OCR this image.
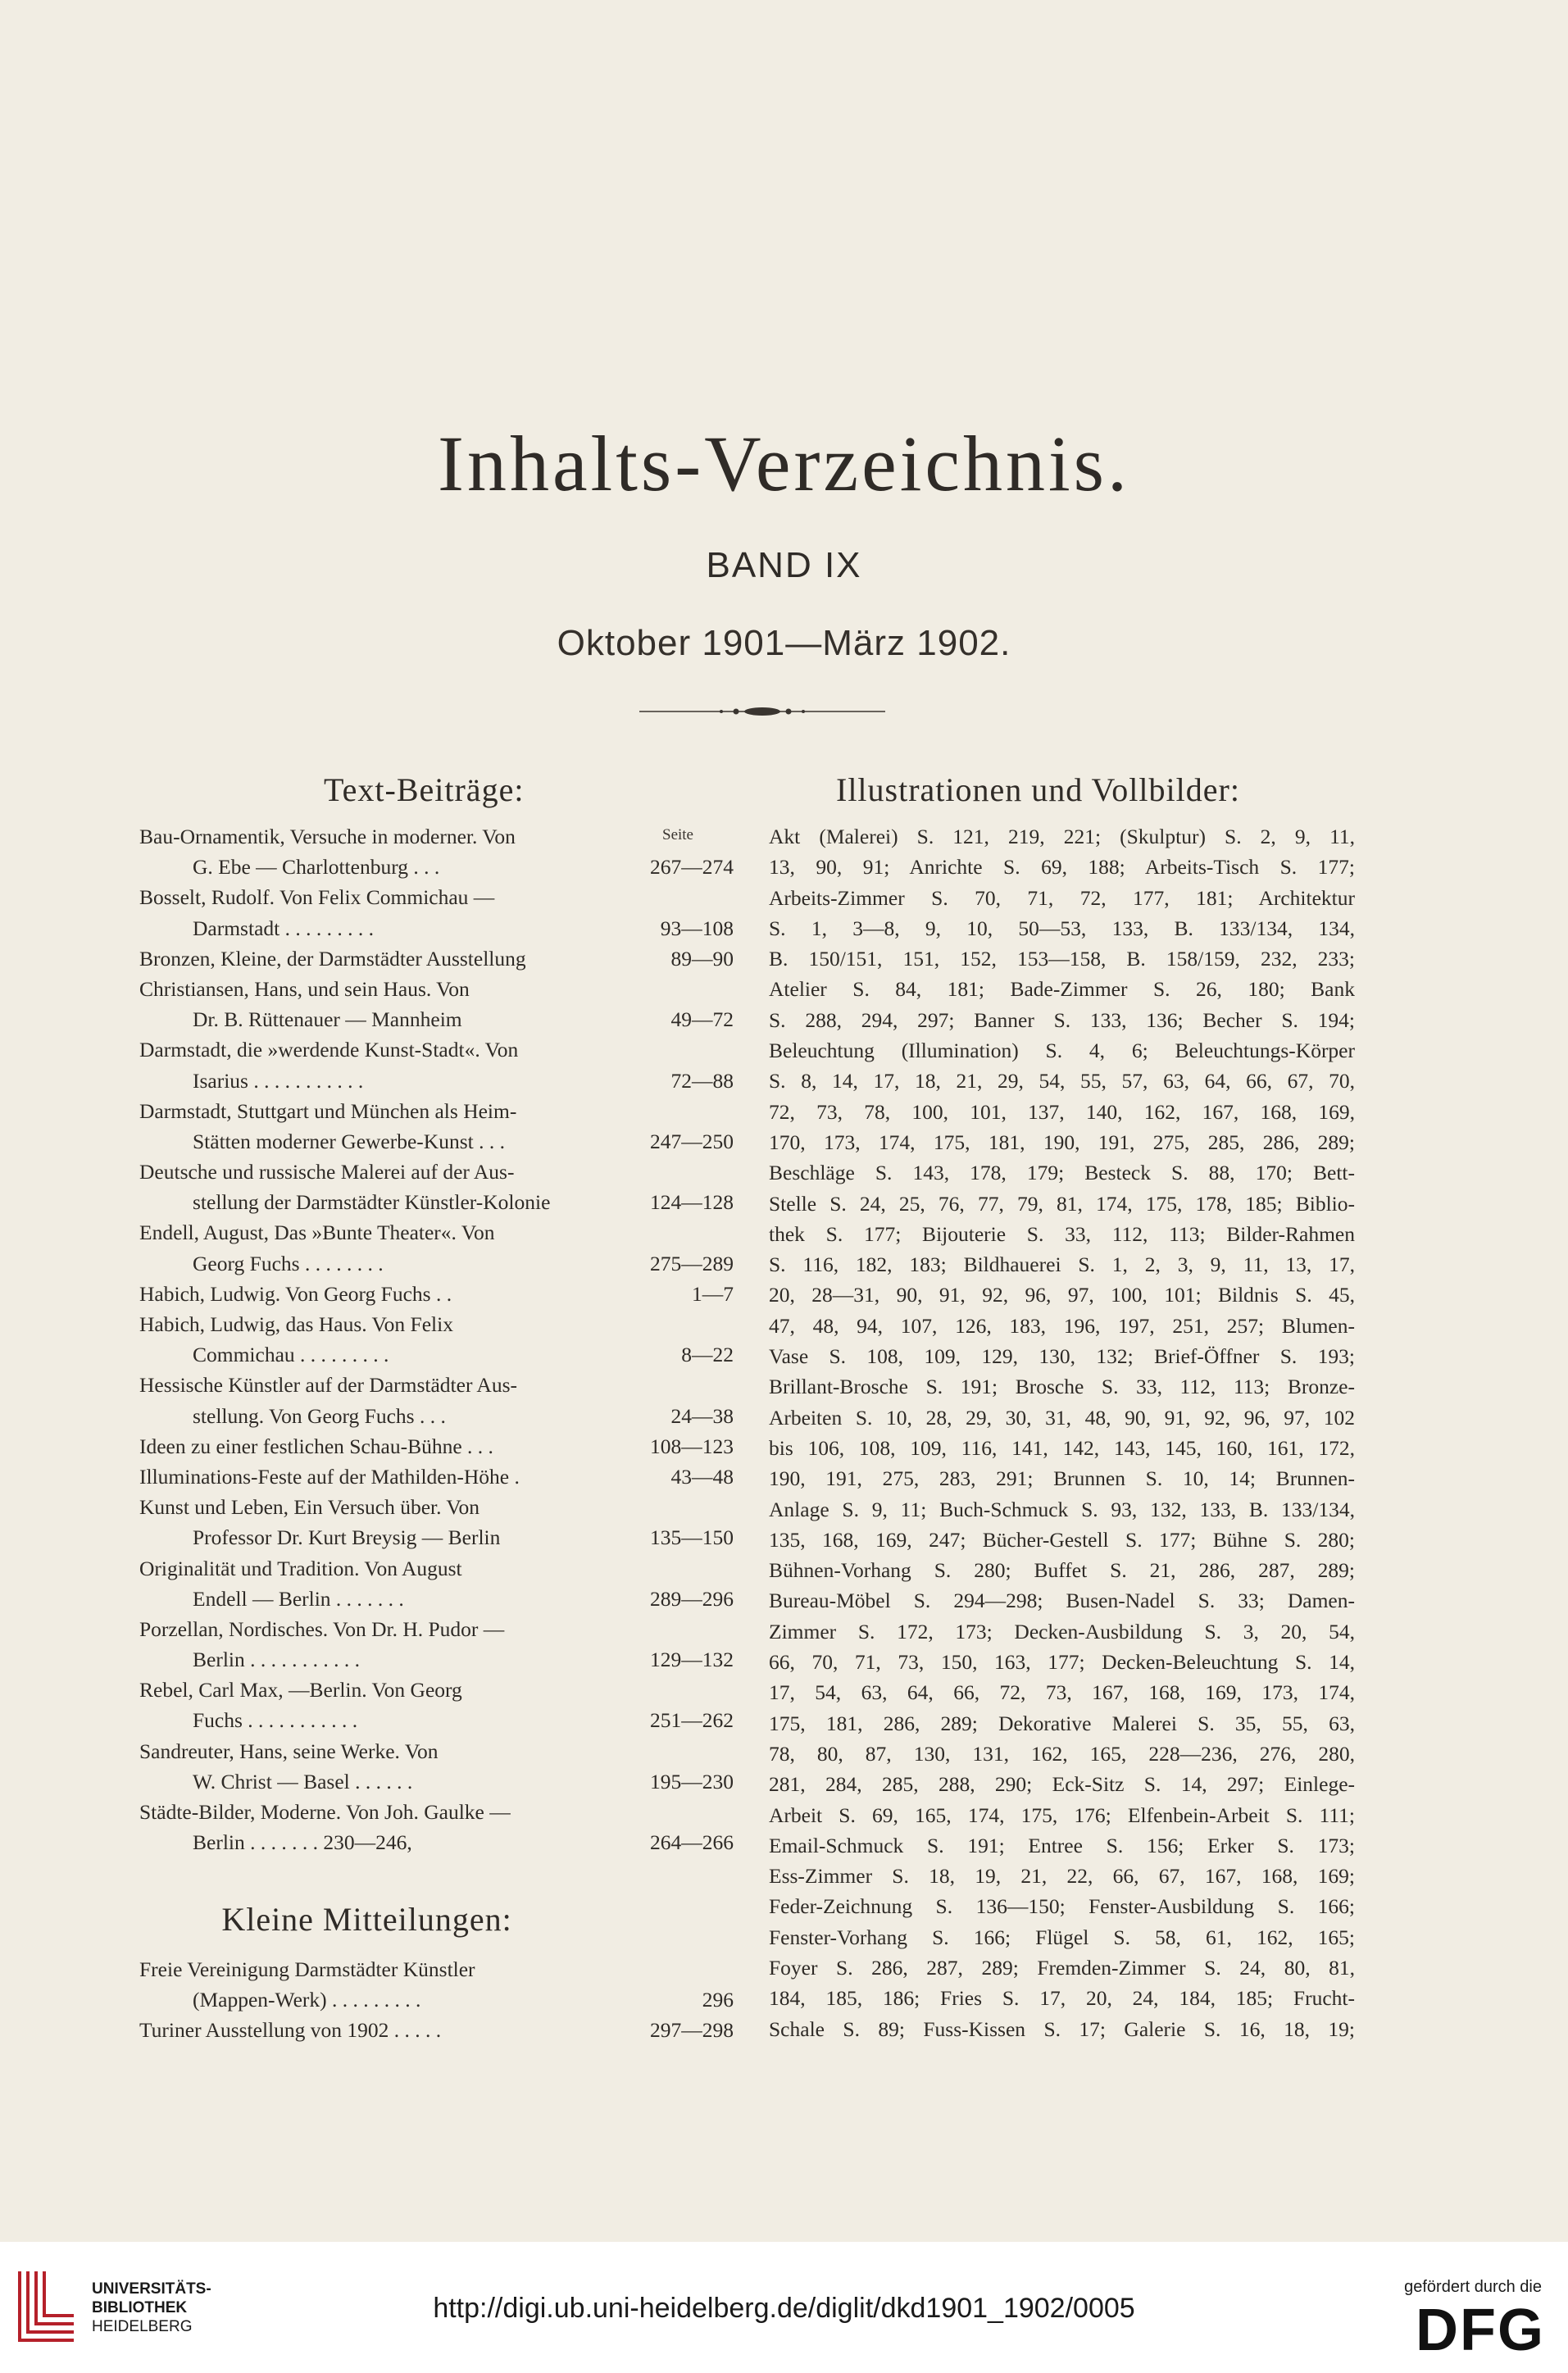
Inhalts-Verzeichnis.
BAND IX
Oktober 1901—März 1902.
Text-Beiträge:	Illustrationen und Vollbilder:
Seite
Bau-Ornamentik, Versuche in moderner. Von
G. Ebe — Charlottenburg . . .	267—274
Bosselt, Rudolf. Von Felix Commichau —
Darmstadt . . . . . . . . .	93—108
Bronzen, Kleine, der Darmstädter Ausstellung	89—90
Christiansen, Hans, und sein Haus. Von
Dr. B. Rüttenauer — Mannheim	49—72
Darmstadt, die »werdende Kunst-Stadt«. Von
Isarius . . . . . . . . . . .	72—88
Darmstadt, Stuttgart und München als Heim-
Stätten moderner Gewerbe-Kunst . . .	247—250
Deutsche und russische Malerei auf der Aus-
stellung der Darmstädter Künstler-Kolonie	124—128
Endell, August, Das »Bunte Theater«. Von
Georg Fuchs . . . . . . . .	275—289
Habich, Ludwig. Von Georg Fuchs . .	1—7
Habich, Ludwig, das Haus. Von Felix
Commichau . . . . . . . . .	8—22
Hessische Künstler auf der Darmstädter Aus-
stellung. Von Georg Fuchs . . .	24—38
Ideen zu einer festlichen Schau-Bühne . . .	108—123
Illuminations-Feste auf der Mathilden-Höhe .	43—48
Kunst und Leben, Ein Versuch über. Von
Professor Dr. Kurt Breysig — Berlin	135—150
Originalität und Tradition. Von August
Endell — Berlin . . . . . . .	289—296
Porzellan, Nordisches. Von Dr. H. Pudor —
Berlin . . . . . . . . . . .	129—132
Rebel, Carl Max, —Berlin. Von Georg
Fuchs . . . . . . . . . . .	251—262
Sandreuter, Hans, seine Werke. Von
W. Christ — Basel . . . . . .	195—230
Städte-Bilder, Moderne. Von Joh. Gaulke —
Berlin . . . . . . . 230—246,	264—266
Kleine Mitteilungen:
Freie Vereinigung Darmstädter Künstler
(Mappen-Werk) . . . . . . . . .	296
Turiner Ausstellung von 1902 . . . . .	297—298
Akt (Malerei) S. 121, 219, 221; (Skulptur) S. 2, 9, 11,
13, 90, 91; Anrichte S. 69, 188; Arbeits-Tisch S. 177;
Arbeits-Zimmer S. 70, 71, 72, 177, 181; Architektur
S. 1, 3—8, 9, 10, 50—53, 133, B. 133/134, 134,
B. 150/151, 151, 152, 153—158, B. 158/159, 232, 233;
Atelier S. 84, 181; Bade-Zimmer S. 26, 180; Bank
S. 288, 294, 297; Banner S. 133, 136; Becher S. 194;
Beleuchtung (Illumination) S. 4, 6; Beleuchtungs-Körper
S. 8, 14, 17, 18, 21, 29, 54, 55, 57, 63, 64, 66, 67, 70,
72, 73, 78, 100, 101, 137, 140, 162, 167, 168, 169,
170, 173, 174, 175, 181, 190, 191, 275, 285, 286, 289;
Beschläge S. 143, 178, 179; Besteck S. 88, 170; Bett-
Stelle S. 24, 25, 76, 77, 79, 81, 174, 175, 178, 185; Biblio-
thek S. 177; Bijouterie S. 33, 112, 113; Bilder-Rahmen
S. 116, 182, 183; Bildhauerei S. 1, 2, 3, 9, 11, 13, 17,
20, 28—31, 90, 91, 92, 96, 97, 100, 101; Bildnis S. 45,
47, 48, 94, 107, 126, 183, 196, 197, 251, 257; Blumen-
Vase S. 108, 109, 129, 130, 132; Brief-Öffner S. 193;
Brillant-Brosche S. 191; Brosche S. 33, 112, 113; Bronze-
Arbeiten S. 10, 28, 29, 30, 31, 48, 90, 91, 92, 96, 97, 102
bis 106, 108, 109, 116, 141, 142, 143, 145, 160, 161, 172,
190, 191, 275, 283, 291; Brunnen S. 10, 14; Brunnen-
Anlage S. 9, 11; Buch-Schmuck S. 93, 132, 133, B. 133/134,
135, 168, 169, 247; Bücher-Gestell S. 177; Bühne S. 280;
Bühnen-Vorhang S. 280; Buffet S. 21, 286, 287, 289;
Bureau-Möbel S. 294—298; Busen-Nadel S. 33; Damen-
Zimmer S. 172, 173; Decken-Ausbildung S. 3, 20, 54,
66, 70, 71, 73, 150, 163, 177; Decken-Beleuchtung S. 14,
17, 54, 63, 64, 66, 72, 73, 167, 168, 169, 173, 174,
175, 181, 286, 289; Dekorative Malerei S. 35, 55, 63,
78, 80, 87, 130, 131, 162, 165, 228—236, 276, 280,
281, 284, 285, 288, 290; Eck-Sitz S. 14, 297; Einlege-
Arbeit S. 69, 165, 174, 175, 176; Elfenbein-Arbeit S. 111;
Email-Schmuck S. 191; Entree S. 156; Erker S. 173;
Ess-Zimmer S. 18, 19, 21, 22, 66, 67, 167, 168, 169;
Feder-Zeichnung S. 136—150; Fenster-Ausbildung S. 166;
Fenster-Vorhang S. 166; Flügel S. 58, 61, 162, 165;
Foyer S. 286, 287, 289; Fremden-Zimmer S. 24, 80, 81,
184, 185, 186; Fries S. 17, 20, 24, 184, 185; Frucht-
Schale S. 89; Fuss-Kissen S. 17; Galerie S. 16, 18, 19;
UNIVERSITÄTS-
BIBLIOTHEK
HEIDELBERG
http://digi.ub.uni-heidelberg.de/diglit/dkd1901_1902/0005
gefördert durch die
DFG
